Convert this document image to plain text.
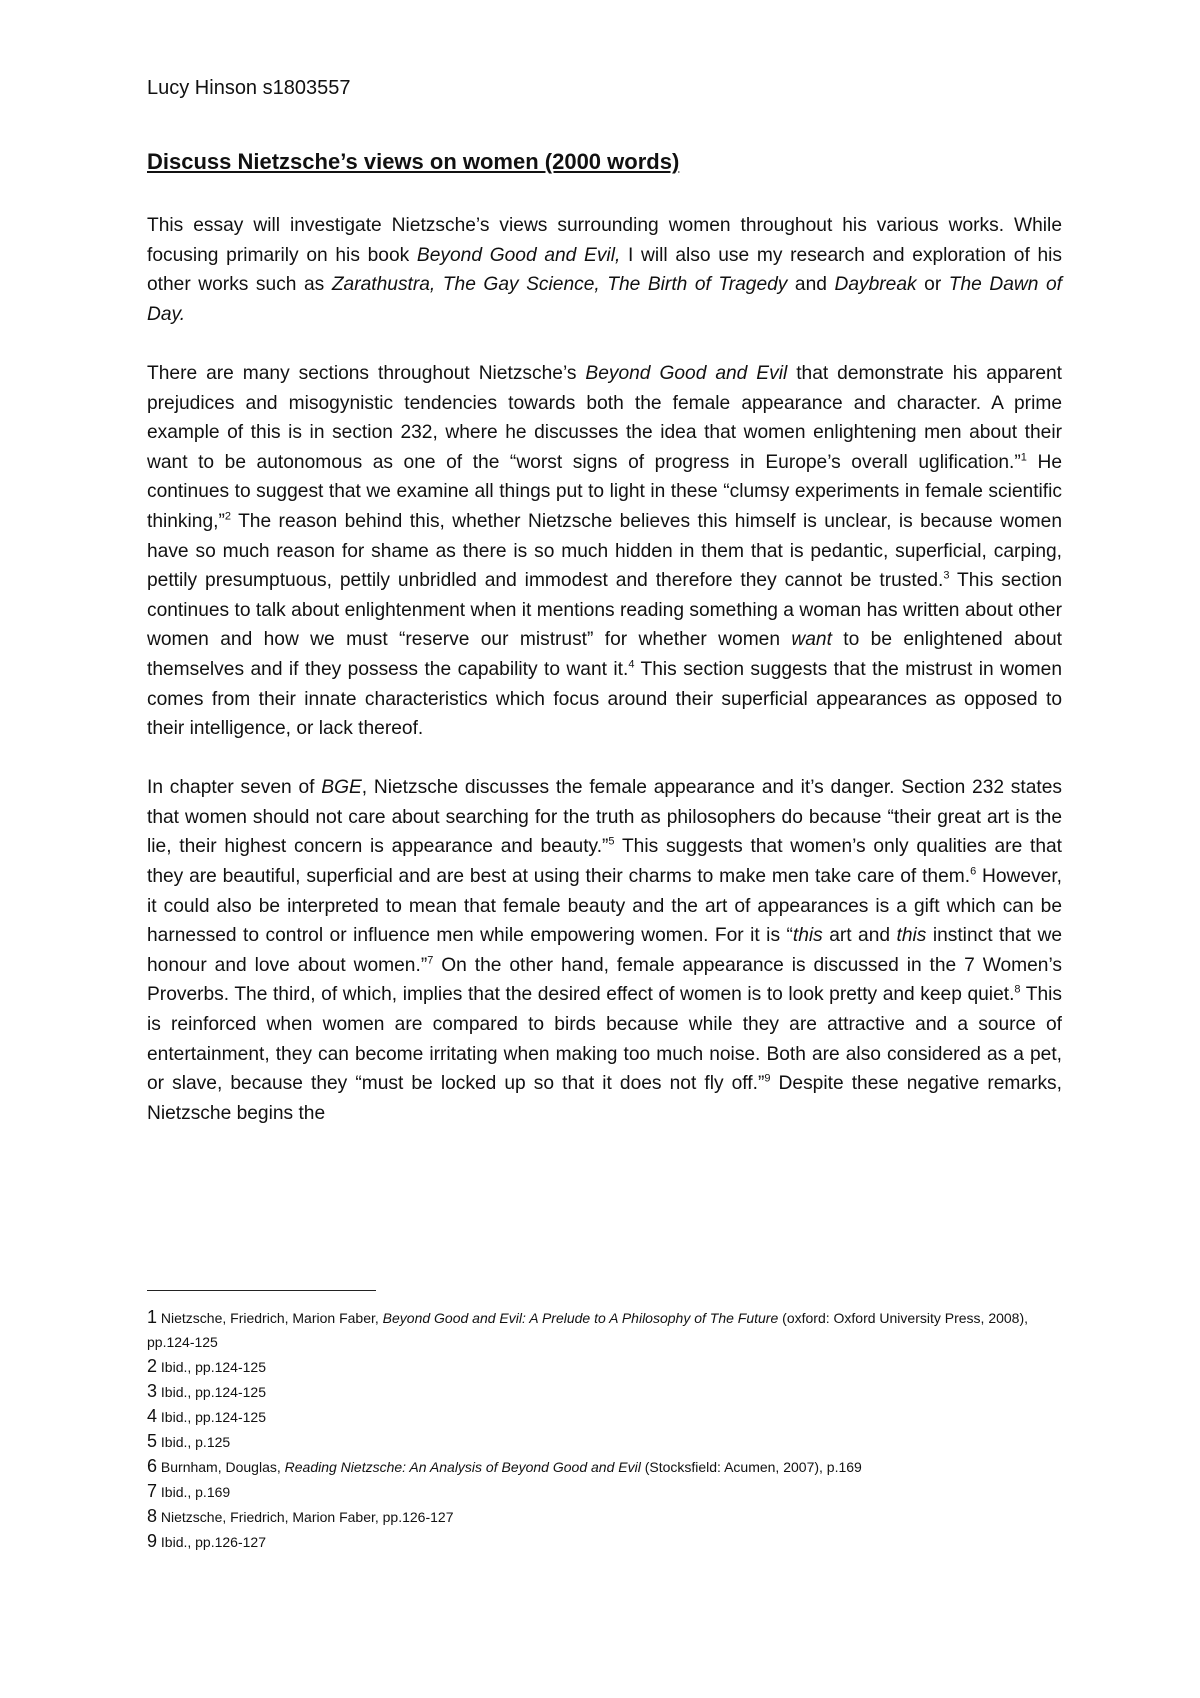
Lucy Hinson s1803557
Discuss Nietzsche’s views on women (2000 words)

This essay will investigate Nietzsche’s views surrounding women throughout his various works. While focusing primarily on his book Beyond Good and Evil, I will also use my research and exploration of his other works such as Zarathustra, The Gay Science, The Birth of Tragedy and Daybreak or The Dawn of Day.

There are many sections throughout Nietzsche’s Beyond Good and Evil that demonstrate his apparent prejudices and misogynistic tendencies towards both the female appearance and character. A prime example of this is in section 232, where he discusses the idea that women enlightening men about their want to be autonomous as one of the “worst signs of progress in Europe’s overall uglification.”$^1$ He continues to suggest that we examine all things put to light in these “clumsy experiments in female scientific thinking,”$^2$ The reason behind this, whether Nietzsche believes this himself is unclear, is because women have so much reason for shame as there is so much hidden in them that is pedantic, superficial, carping, pettily presumptuous, pettily unbridled and immodest and therefore they cannot be trusted.$^3$ This section continues to talk about enlightenment when it mentions reading something a woman has written about other women and how we must “reserve our mistrust” for whether women want to be enlightened about themselves and if they possess the capability to want it.$^4$ This section suggests that the mistrust in women comes from their innate characteristics which focus around their superficial appearances as opposed to their intelligence, or lack thereof.

In chapter seven of BGE, Nietzsche discusses the female appearance and it’s danger. Section 232 states that women should not care about searching for the truth as philosophers do because “their great art is the lie, their highest concern is appearance and beauty.”$^5$ This suggests that women’s only qualities are that they are beautiful, superficial and are best at using their charms to make men take care of them.$^6$ However, it could also be interpreted to mean that female beauty and the art of appearances is a gift which can be harnessed to control or influence men while empowering women. For it is “this art and this instinct that we honour and love about women.”$^7$ On the other hand, female appearance is discussed in the 7 Women’s Proverbs. The third, of which, implies that the desired effect of women is to look pretty and keep quiet.$^8$ This is reinforced when women are compared to birds because while they are attractive and a source of entertainment, they can become irritating when making too much noise. Both are also considered as a pet, or slave, because they “must be locked up so that it does not fly off.”$^9$ Despite these negative remarks, Nietzsche begins the

1 Nietzsche, Friedrich, Marion Faber, Beyond Good and Evil: A Prelude to A Philosophy of The Future (oxford: Oxford University Press, 2008), pp.124-125
2 Ibid., pp.124-125
3 Ibid., pp.124-125
4 Ibid., pp.124-125
5 Ibid., p.125
6 Burnham, Douglas, Reading Nietzsche: An Analysis of Beyond Good and Evil (Stocksfield: Acumen, 2007), p.169
7 Ibid., p.169
8 Nietzsche, Friedrich, Marion Faber, pp.126-127
9 Ibid., pp.126-127
